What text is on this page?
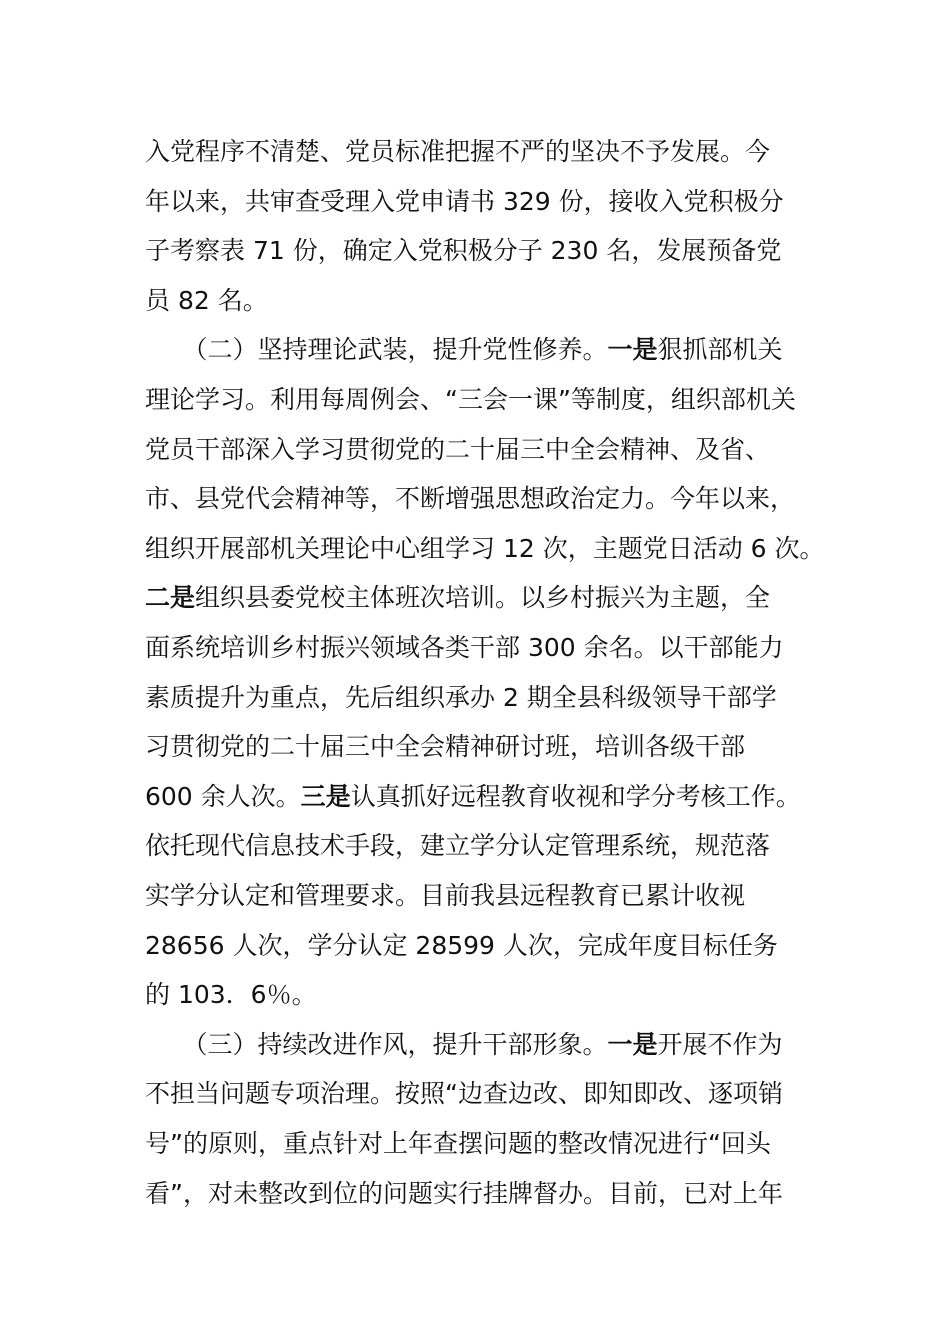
入党程序不清楚、党员标准把握不严的坚决不予发展。今
年以来，共审查受理入党申请书 329 份，接收入党积极分
子考察表 71 份，确定入党积极分子 230 名，发展预备党
员 82 名。
　　（二）坚持理论武装，提升党性修养。一是狠抓部机关
理论学习。利用每周例会、“三会一课”等制度，组织部机关
党员干部深入学习贯彻党的二十届三中全会精神、及省、
市、县党代会精神等，不断增强思想政治定力。今年以来，
组织开展部机关理论中心组学习 12 次，主题党日活动 6 次。
二是组织县委党校主体班次培训。以乡村振兴为主题，全
面系统培训乡村振兴领域各类干部 300 余名。以干部能力
素质提升为重点，先后组织承办 2 期全县科级领导干部学
习贯彻党的二十届三中全会精神研讨班，培训各级干部
600 余人次。三是认真抓好远程教育收视和学分考核工作。
依托现代信息技术手段，建立学分认定管理系统，规范落
实学分认定和管理要求。目前我县远程教育已累计收视
28656 人次，学分认定 28599 人次，完成年度目标任务
的 103．6％。
　　（三）持续改进作风，提升干部形象。一是开展不作为
不担当问题专项治理。按照“边查边改、即知即改、逐项销
号”的原则，重点针对上年查摆问题的整改情况进行“回头
看”，对未整改到位的问题实行挂牌督办。目前，已对上年
